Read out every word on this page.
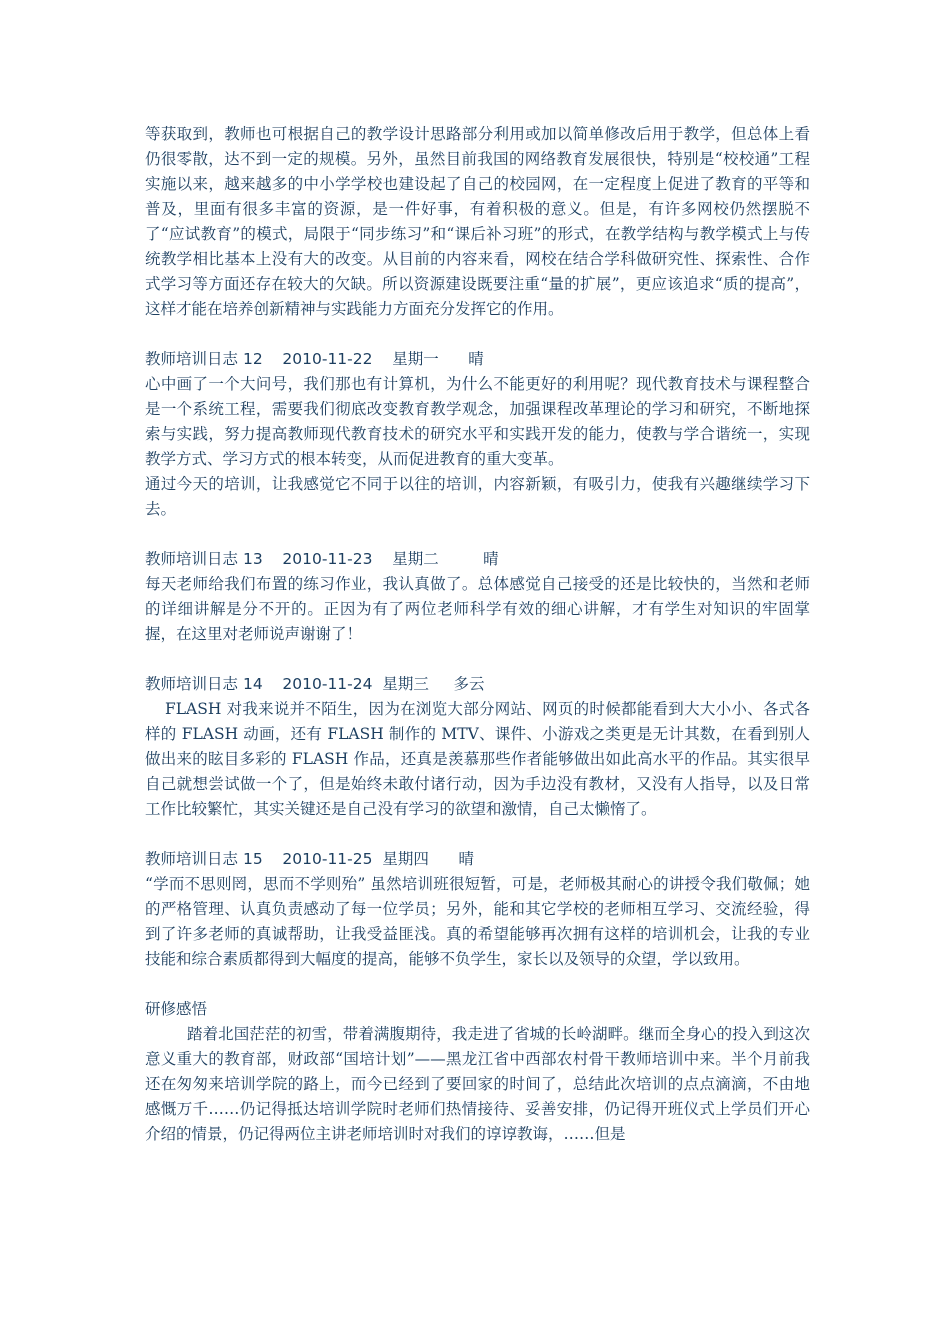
等获取到，教师也可根据自己的教学设计思路部分利用或加以简单修改后用于教学，但总体上看仍很零散，达不到一定的规模。另外，虽然目前我国的网络教育发展很快，特别是“校校通”工程实施以来，越来越多的中小学学校也建设起了自己的校园网，在一定程度上促进了教育的平等和普及，里面有很多丰富的资源，是一件好事，有着积极的意义。但是，有许多网校仍然摆脱不了“应试教育”的模式，局限于“同步练习”和“课后补习班”的形式，在教学结构与教学模式上与传统教学相比基本上没有大的改变。从目前的内容来看，网校在结合学科做研究性、探索性、合作式学习等方面还存在较大的欠缺。所以资源建设既要注重“量的扩展”，更应该追求“质的提高”，这样才能在培养创新精神与实践能力方面充分发挥它的作用。

教师培训日志 12 2010-11-22 星期一 晴

心中画了一个大问号，我们那也有计算机，为什么不能更好的利用呢？现代教育技术与课程整合是一个系统工程，需要我们彻底改变教育教学观念，加强课程改革理论的学习和研究，不断地探索与实践，努力提高教师现代教育技术的研究水平和实践开发的能力，使教与学合谐统一，实现教学方式、学习方式的根本转变，从而促进教育的重大变革。

通过今天的培训，让我感觉它不同于以往的培训，内容新颖，有吸引力，使我有兴趣继续学习下去。

教师培训日志 13 2010-11-23 星期二	晴

每天老师给我们布置的练习作业，我认真做了。总体感觉自己接受的还是比较快的，当然和老师的详细讲解是分不开的。正因为有了两位老师科学有效的细心讲解，才有学生对知识的牢固掌握，在这里对老师说声谢谢了！

教师培训日志 14 2010-11-24 星期三 多云

FLASH 对我来说并不陌生，因为在浏览大部分网站、网页的时候都能看到大大小小、各式各样的 FLASH 动画，还有 FLASH 制作的 MTV、课件、小游戏之类更是无计其数，在看到别人做出来的眩目多彩的 FLASH 作品，还真是羡慕那些作者能够做出如此高水平的作品。其实很早自己就想尝试做一个了，但是始终未敢付诸行动，因为手边没有教材，又没有人指导，以及日常工作比较繁忙，其实关键还是自己没有学习的欲望和激情，自己太懒惰了。

教师培训日志 15 2010-11-25 星期四 晴

“学而不思则罔，思而不学则殆” 虽然培训班很短暂，可是，老师极其耐心的讲授令我们敬佩；她的严格管理、认真负责感动了每一位学员；另外，能和其它学校的老师相互学习、交流经验，得到了许多老师的真诚帮助，让我受益匪浅。真的希望能够再次拥有这样的培训机会，让我的专业技能和综合素质都得到大幅度的提高，能够不负学生，家长以及领导的众望，学以致用。

研修感悟

踏着北国茫茫的初雪，带着满腹期待，我走进了省城的长岭湖畔。继而全身心的投入到这次意义重大的教育部，财政部“国培计划”——黑龙江省中西部农村骨干教师培训中来。半个月前我还在匆匆来培训学院的路上，而今已经到了要回家的时间了，总结此次培训的点点滴滴，不由地感慨万千……仍记得抵达培训学院时老师们热情接待、妥善安排，仍记得开班仪式上学员们开心介绍的情景，仍记得两位主讲老师培训时对我们的谆谆教诲，……但是
